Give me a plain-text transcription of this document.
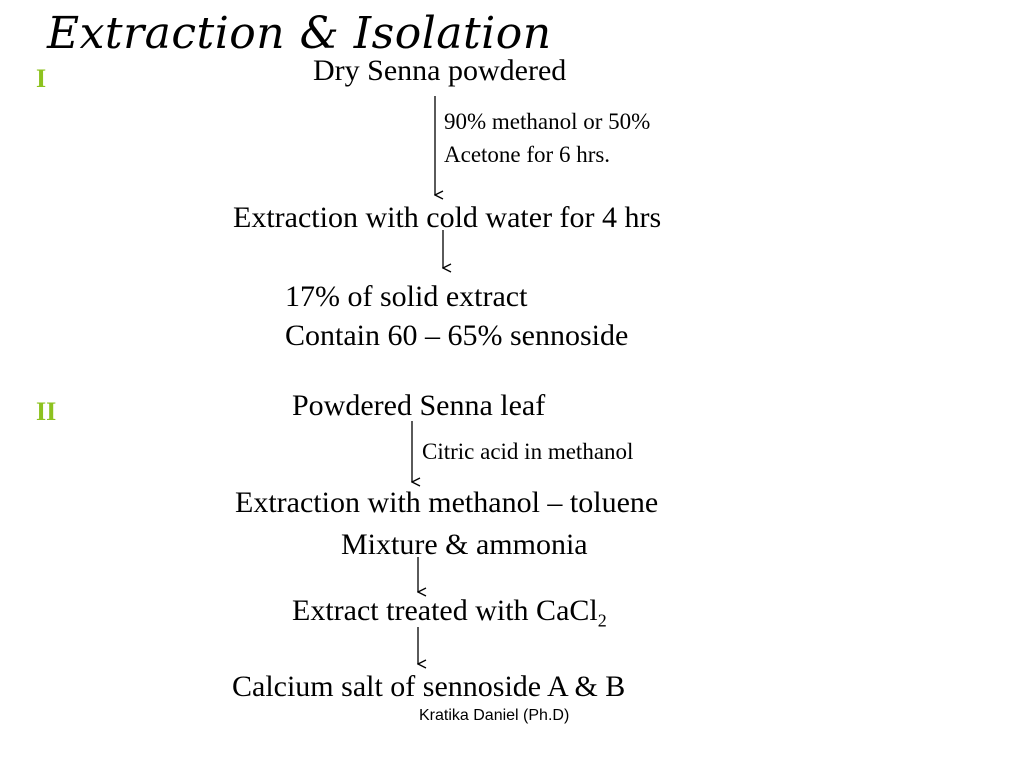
Extraction & Isolation
I	Dry Senna powdered
90% methanol or 50%
Acetone for 6 hrs.
Extraction with cold water for 4 hrs
17% of solid extract
Contain 60 – 65% sennoside
II	Powdered Senna leaf
Citric acid in methanol
Extraction with methanol – toluene
Mixture & ammonia
Extract treated with CaCl$_2$
Calcium salt of sennoside A & B
Kratika Daniel (Ph.D)
